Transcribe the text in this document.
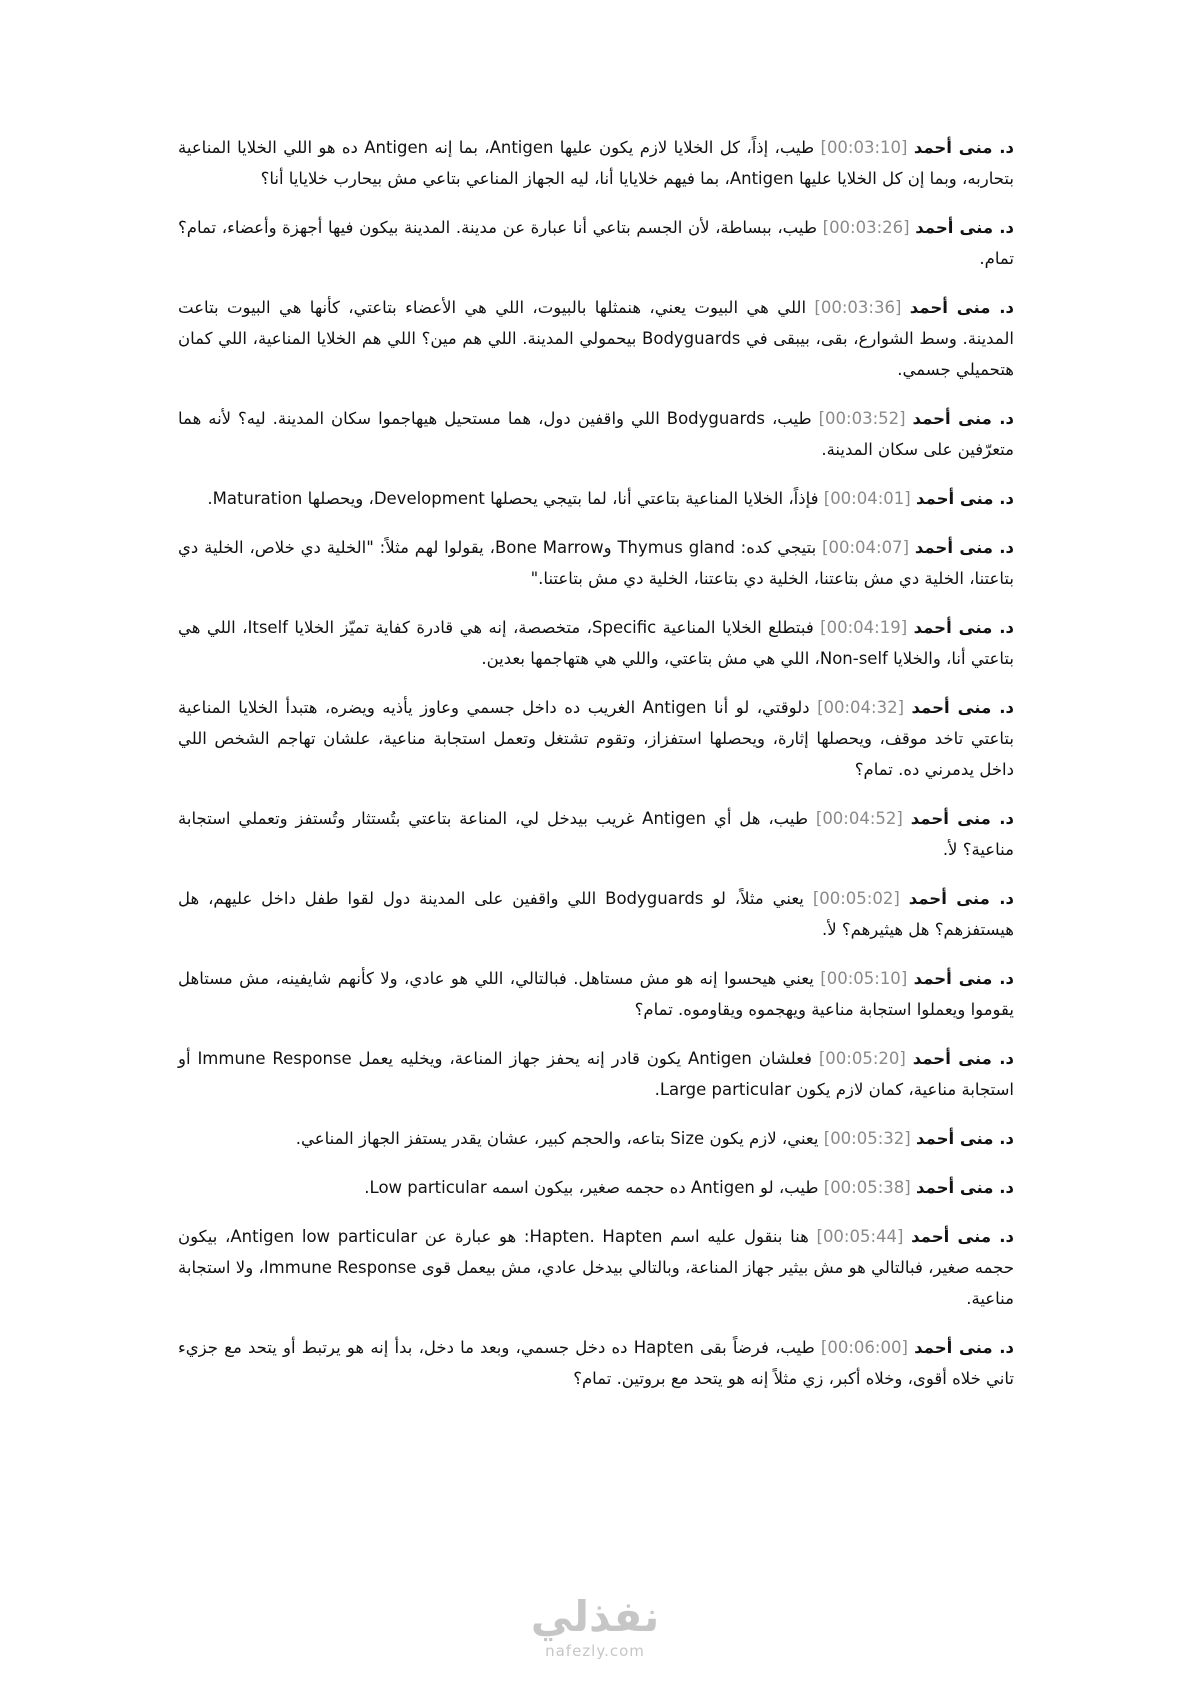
د. منى أحمد [00:03:10] طيب، إذاً، كل الخلايا لازم يكون عليها Antigen، بما إنه Antigen ده هو اللي الخلايا المناعية بتحاربه، وبما إن كل الخلايا عليها Antigen، بما فيهم خلايايا أنا، ليه الجهاز المناعي بتاعي مش بيحارب خلايايا أنا؟

د. منى أحمد [00:03:26] طيب، ببساطة، لأن الجسم بتاعي أنا عبارة عن مدينة. المدينة بيكون فيها أجهزة وأعضاء، تمام؟ تمام.

د. منى أحمد [00:03:36] اللي هي البيوت يعني، هنمثلها بالبيوت، اللي هي الأعضاء بتاعتي، كأنها هي البيوت بتاعت المدينة. وسط الشوارع، بقى، بيبقى في Bodyguards بيحمولي المدينة. اللي هم مين؟ اللي هم الخلايا المناعية، اللي كمان هتحميلي جسمي.

د. منى أحمد [00:03:52] طيب، Bodyguards اللي واقفين دول، هما مستحيل هيهاجموا سكان المدينة. ليه؟ لأنه هما متعرّفين على سكان المدينة.

د. منى أحمد [00:04:01] فإذاً، الخلايا المناعية بتاعتي أنا، لما بتيجي يحصلها Development، ويحصلها Maturation.

د. منى أحمد [00:04:07] بتيجي كده: Thymus gland وBone Marrow، يقولوا لهم مثلاً: "الخلية دي خلاص، الخلية دي بتاعتنا، الخلية دي مش بتاعتنا، الخلية دي بتاعتنا، الخلية دي مش بتاعتنا."

د. منى أحمد [00:04:19] فبتطلع الخلايا المناعية Specific، متخصصة، إنه هي قادرة كفاية تميّز الخلايا Itself، اللي هي بتاعتي أنا، والخلايا Non-self، اللي هي مش بتاعتي، واللي هي هتهاجمها بعدين.

د. منى أحمد [00:04:32] دلوقتي، لو أنا Antigen الغريب ده داخل جسمي وعاوز يأذيه ويضره، هتبدأ الخلايا المناعية بتاعتي تاخد موقف، ويحصلها إثارة، ويحصلها استفزاز، وتقوم تشتغل وتعمل استجابة مناعية، علشان تهاجم الشخص اللي داخل يدمرني ده. تمام؟

د. منى أحمد [00:04:52] طيب، هل أي Antigen غريب بيدخل لي، المناعة بتاعتي بتُستثار وتُستفز وتعملي استجابة مناعية؟ لأ.

د. منى أحمد [00:05:02] يعني مثلاً، لو Bodyguards اللي واقفين على المدينة دول لقوا طفل داخل عليهم، هل هيستفزهم؟ هل هيثيرهم؟ لأ.

د. منى أحمد [00:05:10] يعني هيحسوا إنه هو مش مستاهل. فبالتالي، اللي هو عادي، ولا كأنهم شايفينه، مش مستاهل يقوموا ويعملوا استجابة مناعية ويهجموه ويقاوموه. تمام؟

د. منى أحمد [00:05:20] فعلشان Antigen يكون قادر إنه يحفز جهاز المناعة، ويخليه يعمل Immune Response أو استجابة مناعية، كمان لازم يكون Large particular.

د. منى أحمد [00:05:32] يعني، لازم يكون Size بتاعه، والحجم كبير، عشان يقدر يستفز الجهاز المناعي.

د. منى أحمد [00:05:38] طيب، لو Antigen ده حجمه صغير، بيكون اسمه Low particular.

د. منى أحمد [00:05:44] هنا بنقول عليه اسم Hapten. Hapten: هو عبارة عن Antigen low particular، بيكون حجمه صغير، فبالتالي هو مش بيثير جهاز المناعة، وبالتالي بيدخل عادي، مش بيعمل قوى Immune Response، ولا استجابة مناعية.

د. منى أحمد [00:06:00] طيب، فرضاً بقى Hapten ده دخل جسمي، وبعد ما دخل، بدأ إنه هو يرتبط أو يتحد مع جزيء تاني خلاه أقوى، وخلاه أكبر، زي مثلاً إنه هو يتحد مع بروتين. تمام؟

نفذلي
nafezly.com
